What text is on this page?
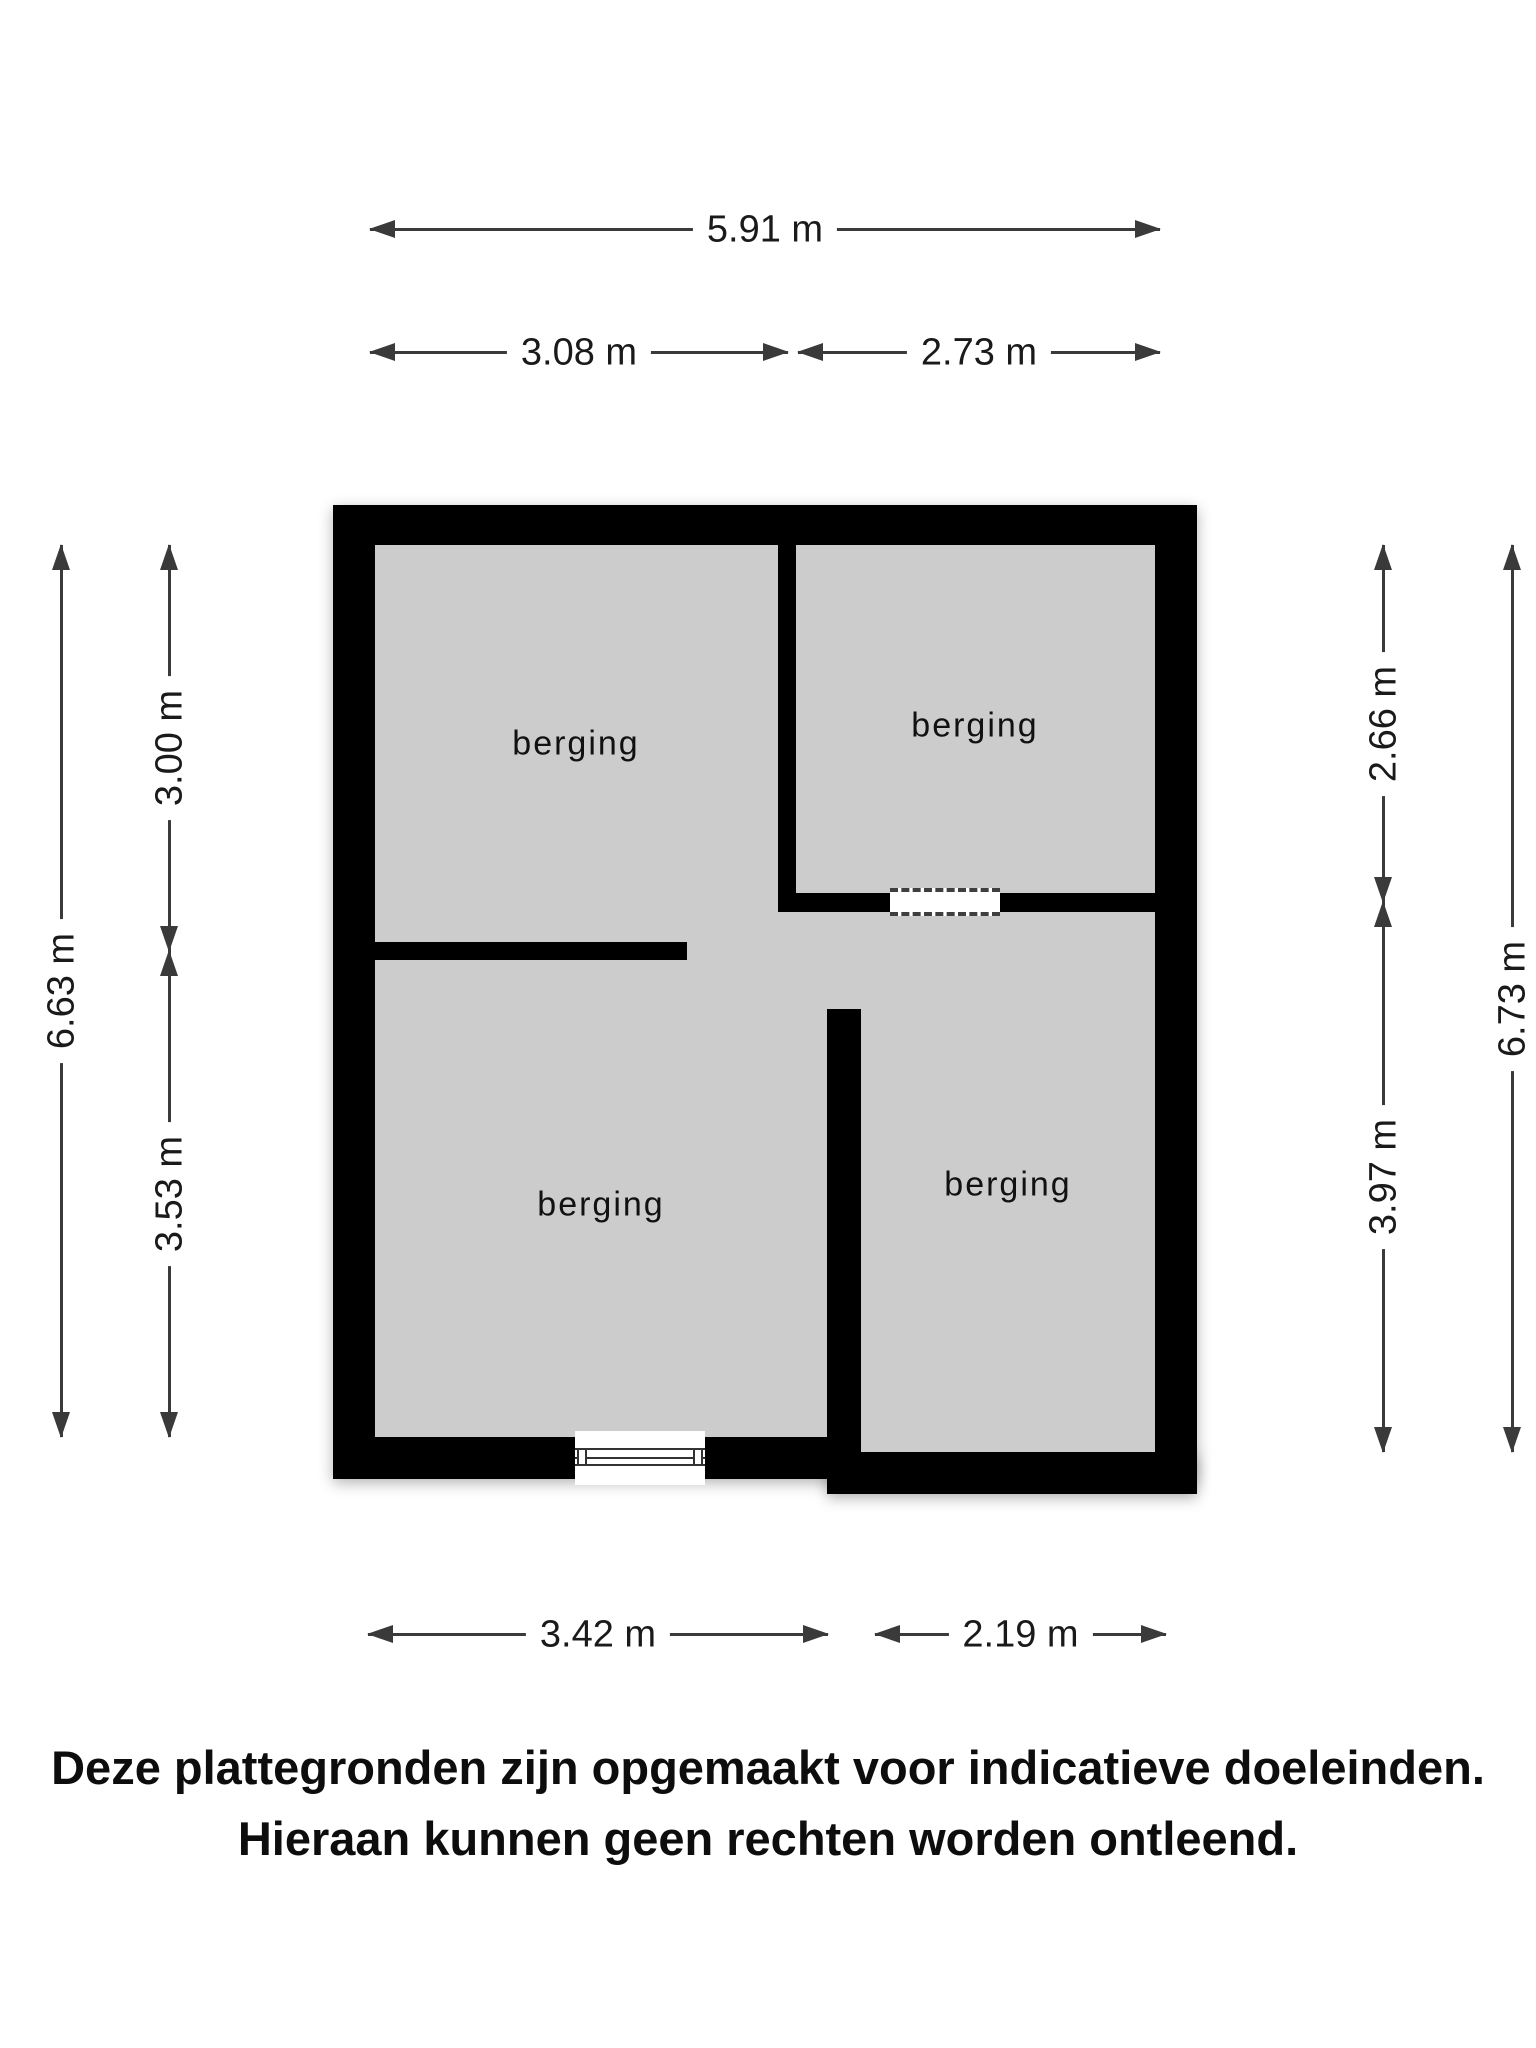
5.91 m
3.08 m	2.73 m
6.63 m
3.00 m
3.53 m
2.66 m
3.97 m
6.73 m
3.42 m	2.19 m
berging	berging
berging
berging

Deze plattegronden zijn opgemaakt voor indicatieve doeleinden.

Hieraan kunnen geen rechten worden ontleend.
